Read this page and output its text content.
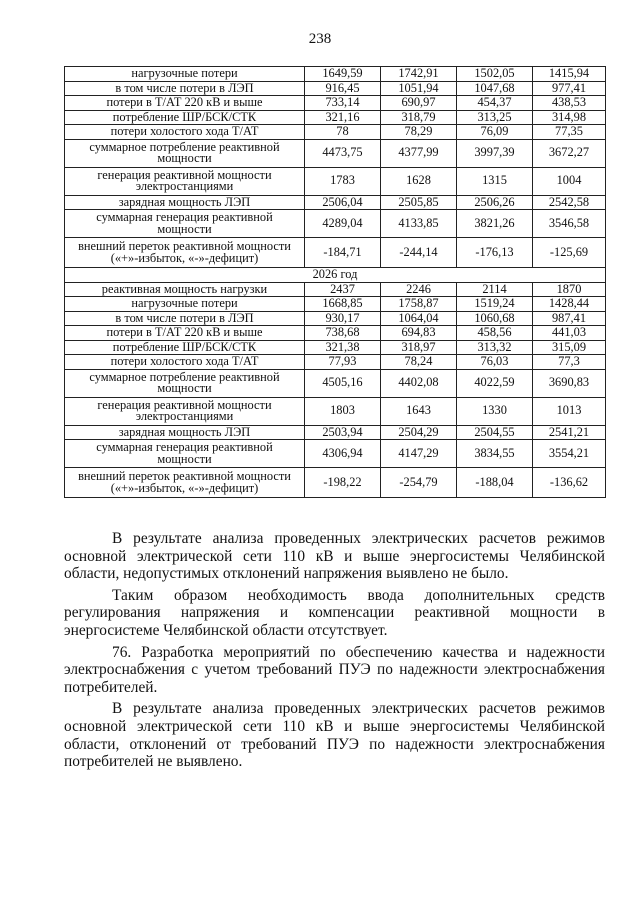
238
нагрузочные потери	1649,59	1742,91	1502,05	1415,94
в том числе потери в ЛЭП	916,45	1051,94	1047,68	977,41
потери в Т/АТ 220 кВ и выше	733,14	690,97	454,37	438,53
потребление ШР/БСК/СТК	321,16	318,79	313,25	314,98
потери холостого хода Т/АТ	78	78,29	76,09	77,35
суммарное потребление реактивной мощности	4473,75	4377,99	3997,39	3672,27
генерация реактивной мощности электростанциями	1783	1628	1315	1004
зарядная мощность ЛЭП	2506,04	2505,85	2506,26	2542,58
суммарная генерация реактивной мощности	4289,04	4133,85	3821,26	3546,58
внешний переток реактивной мощности («+»-избыток, «-»-дефицит)	-184,71	-244,14	-176,13	-125,69
2026 год				
реактивная мощность нагрузки	2437	2246	2114	1870
нагрузочные потери	1668,85	1758,87	1519,24	1428,44
в том числе потери в ЛЭП	930,17	1064,04	1060,68	987,41
потери в Т/АТ 220 кВ и выше	738,68	694,83	458,56	441,03
потребление ШР/БСК/СТК	321,38	318,97	313,32	315,09
потери холостого хода Т/АТ	77,93	78,24	76,03	77,3
суммарное потребление реактивной мощности	4505,16	4402,08	4022,59	3690,83
генерация реактивной мощности электростанциями	1803	1643	1330	1013
зарядная мощность ЛЭП	2503,94	2504,29	2504,55	2541,21
суммарная генерация реактивной мощности	4306,94	4147,29	3834,55	3554,21
внешний переток реактивной мощности («+»-избыток, «-»-дефицит)	-198,22	-254,79	-188,04	-136,62

В результате анализа проведенных электрических расчетов режимов основной электрической сети 110 кВ и выше энергосистемы Челябинской области, недопустимых отклонений напряжения выявлено не было.

Таким образом необходимость ввода дополнительных средств регулирования напряжения и компенсации реактивной мощности в энергосистеме Челябинской области отсутствует.

76. Разработка мероприятий по обеспечению качества и надежности электроснабжения с учетом требований ПУЭ по надежности электроснабжения потребителей.

В результате анализа проведенных электрических расчетов режимов основной электрической сети 110 кВ и выше энергосистемы Челябинской области, отклонений от требований ПУЭ по надежности электроснабжения потребителей не выявлено.
